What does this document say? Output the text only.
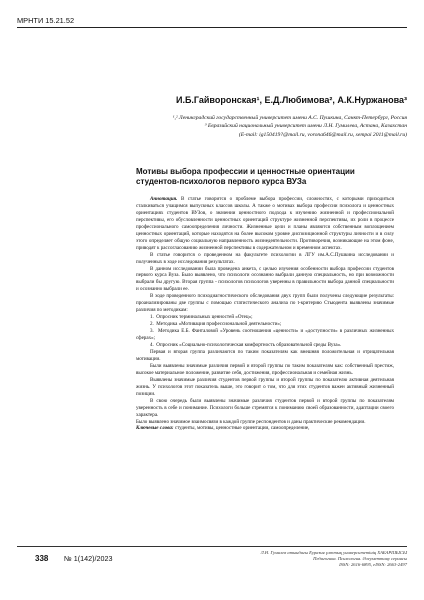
МРНТИ 15.21.52
И.Б.Гайворонская¹, Е.Д.Любимова², А.К.Нуржанова³
¹,² Ленинградский государственный университет имени А.С. Пушкина, Санкт-Петербург, Россия
³ Евразийский национальный университет имени Л.Н. Гумилева, Астана, Казахстан
(E-mail: ig150419?@mail.ru, vorona646@mail.ru, sempai 2011@mail.ru)
Мотивы выбора профессии и ценностные ориентации студентов-психологов первого курса ВУЗа

Аннотация. В статье говорится о проблеме выбора профессии, сложностях, с которыми приходиться сталкиваться учащимся выпускных классов школы. А также о мотивах выбора профессии психолога и ценностных ориентациях студентов ВУЗов, о значении ценностного подхода к изучению жизненной и профессиональной перспективы, его обусловленности ценностных ориентаций структуре жизненной перспективы, их роли в процессе профессионального самоопределения личности. Жизненные цели и планы являются собственным воплощением ценностных ориентаций, которые находятся на более высоком уровне диспозиционной структуры личности и в силу этого определяет общую социальную направленность жизнедеятельности. Противоречия, возникающие на этом фоне, приводят к рассогласованию жизненной перспективы в содержательном и временном аспектах.

В статье говорится о проведенном на факультете психологии в ЛГУ им.А.С.Пушкина исследовании и полученных в ходе исследования результатах.

В данном исследовании была проведена анкета, с целью изучения особенности выбора профессии студентов первого курса Вуза. Было выявлено, что психологи осознанно выбрали данную специальность, но при возможности выбрали бы другую. Вторая группа - психологов психологов уверенны в правильности выбора данной специальности и осознанно выбрали ее.

В ходе проведенного психодиагностического обследования двух групп были получены следующие результаты: проанализированы две группы с помощью статистического анализа по t-критерию Стьюдента выявлены значимые различия по методикам:

1.  Опросник терминальных ценностей «Отец»;

2.  Методика «Мотивация профессиональной деятельности»;

3.  Методика Е.Б. Фанталовой «Уровень соотношения «ценности» и «доступности» в различных жизненных сферах»;

4.  Опросник «Социально-психологическая комфортность образовательной среды Вуза».

Первая и вторая группа различаются по таким показателям как внешняя положительная и отрицательная мотивации.

Были выявлены значимые различия первой и второй группы по таким показателям как: собственный престиж, высокое материальное положение, развитие себя, достижения, профессиональная и семейная жизнь.

Выявлены значимые различия студентов первой группы и второй группы по показателю активная деятельная жизнь. У психологов этот показатель выше, это говорит о том, что для этих студентов важен активный жизненный позиции.

В свою очередь были выявлены значимые различия студентов первой и второй группы по показателям уверенность в себе и понимание. Психологи больше стремятся к пониманию своей образованности, адаптации своего характера.

Было выявлено значимое взаимосвязи в каждой группе респондентов и даны практические рекомендации.

Ключевые слова: студенты, мотивы, ценностные ориентации, самоопределение,

338 № 1(142)/2023
Л.Н. Гумилев атындағы Еуразия ұлттық университетінің ХАБАРШЫСЫ
Педагогика. Психология. Әлеуметтану сериясы
ISSN: 2616-6895, eISSN: 2663-2497
